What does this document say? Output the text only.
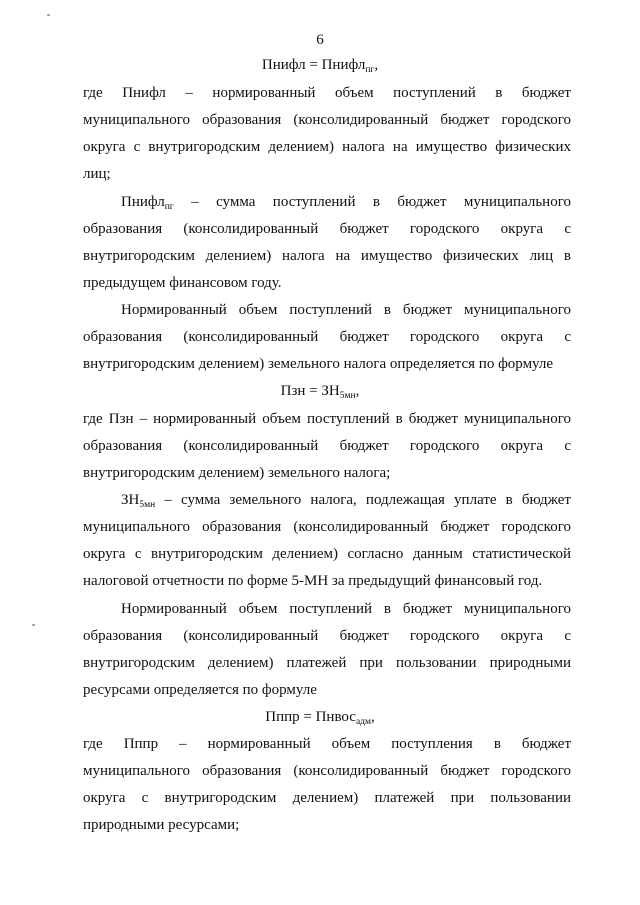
6
Пнифл = Пнифл$_{пг}$,
где Пнифл – нормированный объем поступлений в бюджет
муниципального образования (консолидированный бюджет городского
округа с внутригородским делением) налога на имущество физических
лиц;
Пнифл$_{пг}$ – сумма поступлений в бюджет муниципального
образования (консолидированный бюджет городского округа с
внутригородским делением) налога на имущество физических лиц в
предыдущем финансовом году.
Нормированный объем поступлений в бюджет муниципального
образования (консолидированный бюджет городского округа с
внутригородским делением) земельного налога определяется по формуле
Пзн = $ЗН_{5мн}$,
где Пзн – нормированный объем поступлений в бюджет муниципального
образования (консолидированный бюджет городского округа с
внутригородским делением) земельного налога;
$ЗН_{5мн}$ – сумма земельного налога, подлежащая уплате в бюджет
муниципального образования (консолидированный бюджет городского
округа с внутригородским делением) согласно данным статистической
налоговой отчетности по форме 5-МН за предыдущий финансовый год.
Нормированный объем поступлений в бюджет муниципального
образования (консолидированный бюджет городского округа с
внутригородским делением) платежей при пользовании природными
ресурсами определяется по формуле
Пппр = Пнвос$_{адм}$,
где Пппр – нормированный объем поступления в бюджет
муниципального образования (консолидированный бюджет городского
округа с внутригородским делением) платежей при пользовании
природными ресурсами;
